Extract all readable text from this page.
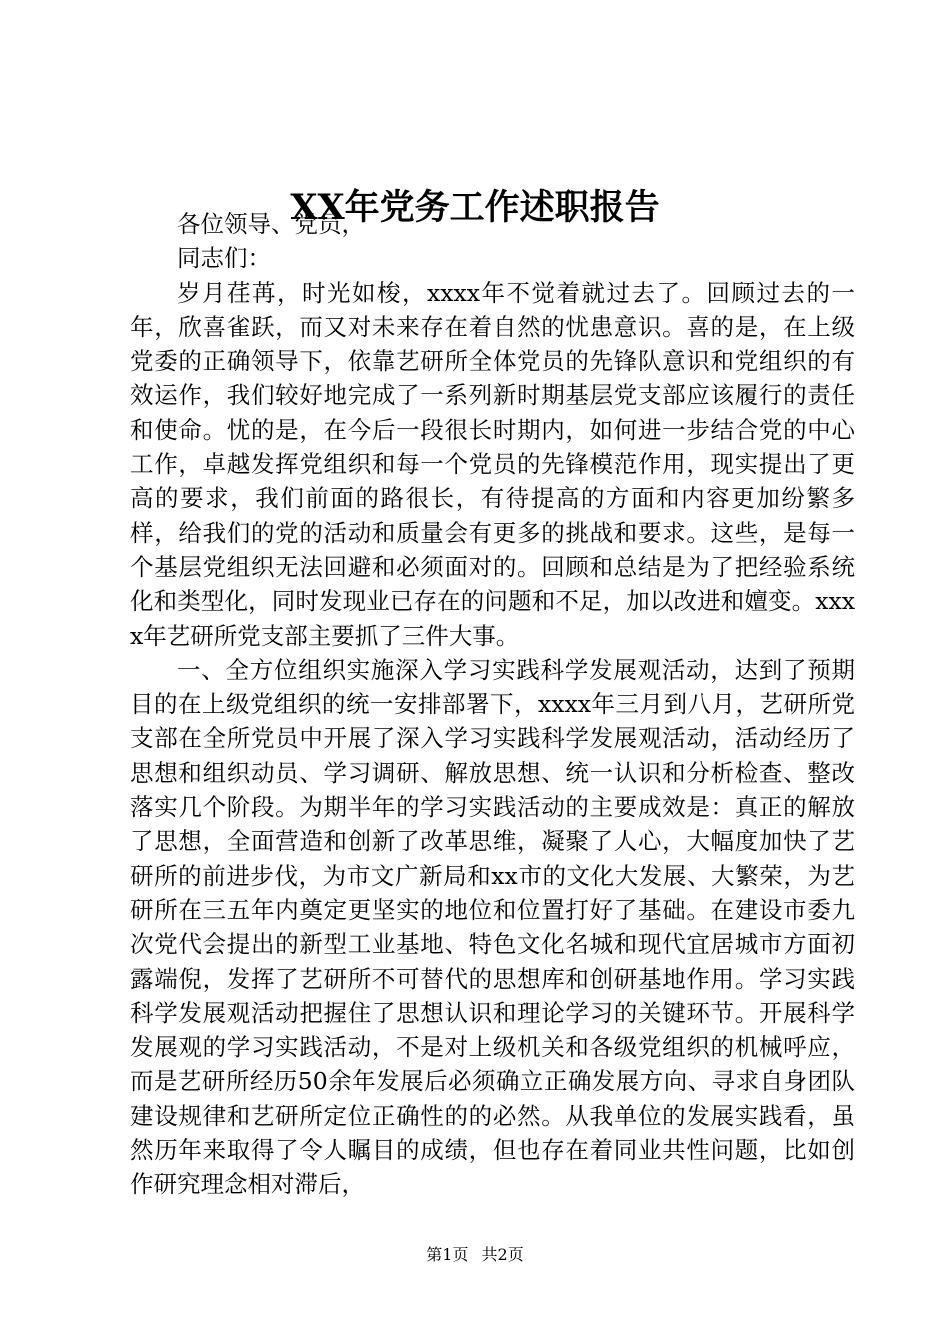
XX年党务工作述职报告

各位领导、党员，

同志们：

岁月荏苒，时光如梭，xxxx年不觉着就过去了。回顾过去的一年，欣喜雀跃，而又对未来存在着自然的忧患意识。喜的是，在上级党委的正确领导下，依靠艺研所全体党员的先锋队意识和党组织的有效运作，我们较好地完成了一系列新时期基层党支部应该履行的责任和使命。忧的是，在今后一段很长时期内，如何进一步结合党的中心工作，卓越发挥党组织和每一个党员的先锋模范作用，现实提出了更高的要求，我们前面的路很长，有待提高的方面和内容更加纷繁多样，给我们的党的活动和质量会有更多的挑战和要求。这些，是每一个基层党组织无法回避和必须面对的。回顾和总结是为了把经验系统化和类型化，同时发现业已存在的问题和不足，加以改进和嬗变。xxxx年艺研所党支部主要抓了三件大事。

一、全方位组织实施深入学习实践科学发展观活动，达到了预期目的在上级党组织的统一安排部署下，xxxx年三月到八月，艺研所党支部在全所党员中开展了深入学习实践科学发展观活动，活动经历了思想和组织动员、学习调研、解放思想、统一认识和分析检查、整改落实几个阶段。为期半年的学习实践活动的主要成效是：真正的解放了思想，全面营造和创新了改革思维，凝聚了人心，大幅度加快了艺研所的前进步伐，为市文广新局和xx市的文化大发展、大繁荣，为艺研所在三五年内奠定更坚实的地位和位置打好了基础。在建设市委九次党代会提出的新型工业基地、特色文化名城和现代宜居城市方面初露端倪，发挥了艺研所不可替代的思想库和创研基地作用。学习实践科学发展观活动把握住了思想认识和理论学习的关键环节。开展科学发展观的学习实践活动，不是对上级机关和各级党组织的机械呼应，而是艺研所经历50余年发展后必须确立正确发展方向、寻求自身团队建设规律和艺研所定位正确性的的必然。从我单位的发展实践看，虽然历年来取得了令人瞩目的成绩，但也存在着同业共性问题，比如创作研究理念相对滞后，

第1页 共2页
